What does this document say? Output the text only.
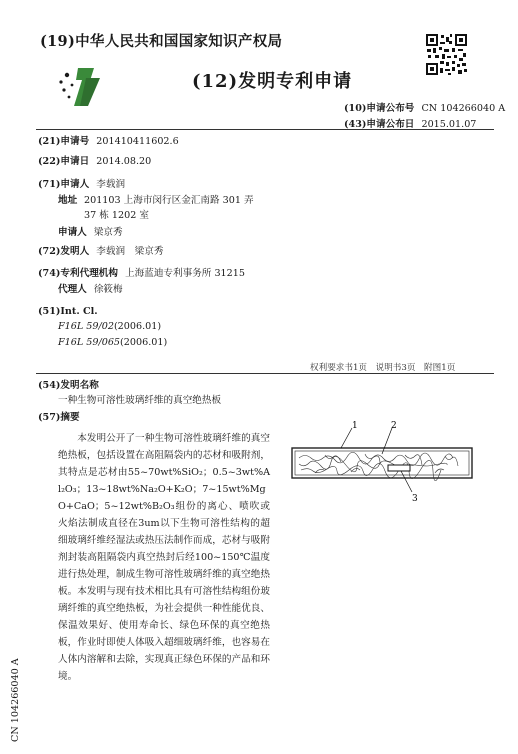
(19)中华人民共和国国家知识产权局
(12)发明专利申请
(10)申请公布号 CN 104266040 A
(43)申请公布日 2015.01.07
(21)申请号 201410411602.6
(22)申请日 2014.08.20
(71)申请人 李载润
地址 201103 上海市闵行区金汇南路 301 弄
37 栋 1202 室
申请人 梁京秀
(72)发明人 李载润　梁京秀
(74)专利代理机构 上海蓝迪专利事务所 31215
代理人 徐筱梅
(51)Int. Cl.
F16L 59/02(2006.01)
F16L 59/065(2006.01)
权利要求书1页　说明书3页　附图1页
(54)发明名称
一种生物可溶性玻璃纤维的真空绝热板
(57)摘要
本发明公开了一种生物可溶性玻璃纤维的真空绝热板，包括设置在高阻隔袋内的芯材和吸附剂，其特点是芯材由55~70wt%SiO₂；0.5~3wt%Al₂O₃；13~18wt%Na₂O+K₂O；7~15wt%MgO+CaO；5~12wt%B₂O₃组份的离心、喷吹或火焰法制成直径在3um以下生物可溶性结构的超细玻璃纤维经湿法或热压法制作而成，芯材与吸附剂封装高阻隔袋内真空热封后经100~150℃温度进行热处理，制成生物可溶性玻璃纤维的真空绝热板。本发明与现有技术相比具有可溶性结构组份玻璃纤维的真空绝热板，为社会提供一种性能优良、保温效果好、使用寿命长、绿色环保的真空绝热板，作业时即使人体吸入超细玻璃纤维，也容易在人体内溶解和去除，实现真正绿色环保的产品和环境。
1	2
3
CN 104266040 A
